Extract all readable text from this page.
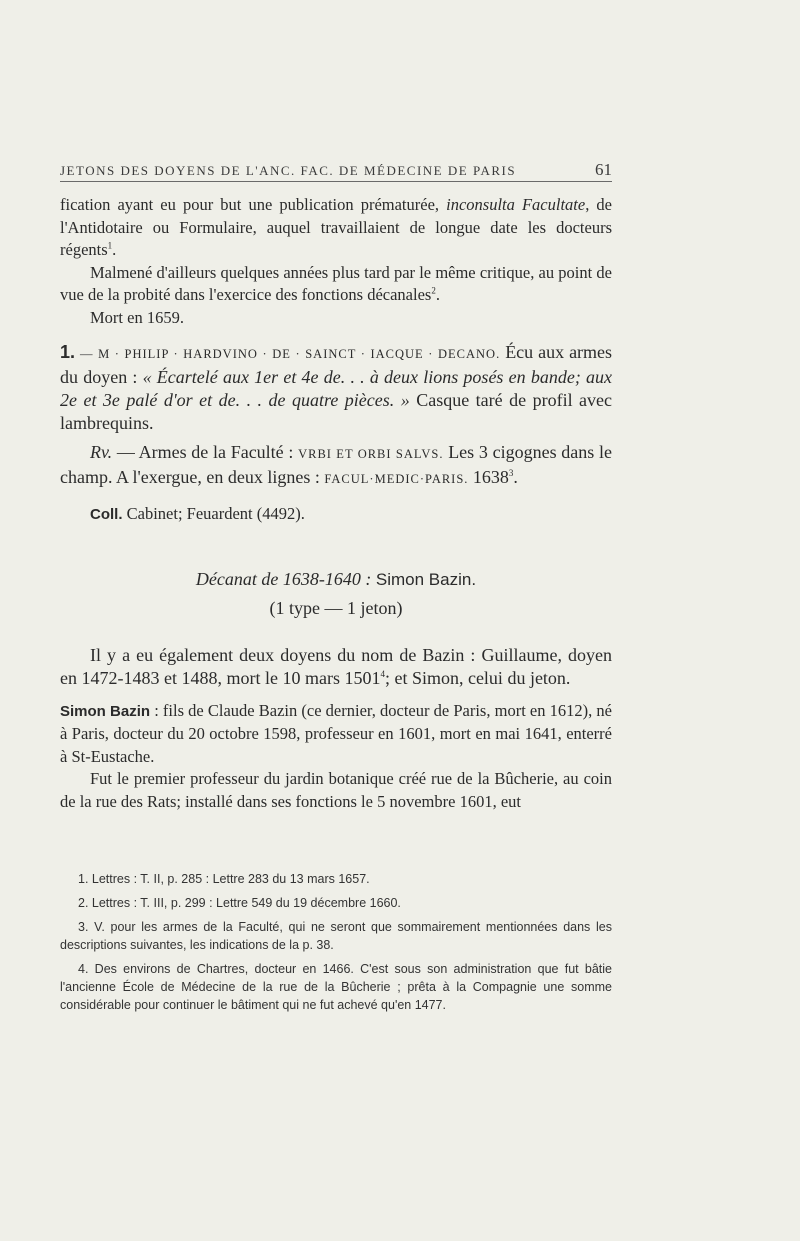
JETONS DES DOYENS DE L'ANC. FAC. DE MÉDECINE DE PARIS	61

fication ayant eu pour but une publication prématurée, inconsulta Facultate, de l'Antidotaire ou Formulaire, auquel travaillaient de longue date les docteurs régents$^1$.

Malmené d'ailleurs quelques années plus tard par le même critique, au point de vue de la probité dans l'exercice des fonctions décanales$^2$.

Mort en 1659.

1. — M · PHILIP · HARDVINO · DE · SAINCT · IACQUE · DECANO. Écu aux armes du doyen : « Écartelé aux 1er et 4e de. . . à deux lions posés en bande; aux 2e et 3e palé d'or et de. . . de quatre pièces. » Casque taré de profil avec lambrequins.

Rv. — Armes de la Faculté : VRBI ET ORBI SALVS. Les 3 cigognes dans le champ. A l'exergue, en deux lignes : FACUL·MEDIC·PARIS. 1638$^3$.

Coll. Cabinet; Feuardent (4492).

Décanat de 1638-1640 : Simon Bazin.

(1 type — 1 jeton)

Il y a eu également deux doyens du nom de Bazin : Guillaume, doyen en 1472-1483 et 1488, mort le 10 mars 1501$^4$; et Simon, celui du jeton.

Simon Bazin : fils de Claude Bazin (ce dernier, docteur de Paris, mort en 1612), né à Paris, docteur du 20 octobre 1598, professeur en 1601, mort en mai 1641, enterré à St-Eustache.

Fut le premier professeur du jardin botanique créé rue de la Bûcherie, au coin de la rue des Rats; installé dans ses fonctions le 5 novembre 1601, eut

1. Lettres : T. II, p. 285 : Lettre 283 du 13 mars 1657.

2. Lettres : T. III, p. 299 : Lettre 549 du 19 décembre 1660.

3. V. pour les armes de la Faculté, qui ne seront que sommairement mentionnées dans les descriptions suivantes, les indications de la p. 38.

4. Des environs de Chartres, docteur en 1466. C'est sous son administration que fut bâtie l'ancienne École de Médecine de la rue de la Bûcherie ; prêta à la Compagnie une somme considérable pour continuer le bâtiment qui ne fut achevé qu'en 1477.
